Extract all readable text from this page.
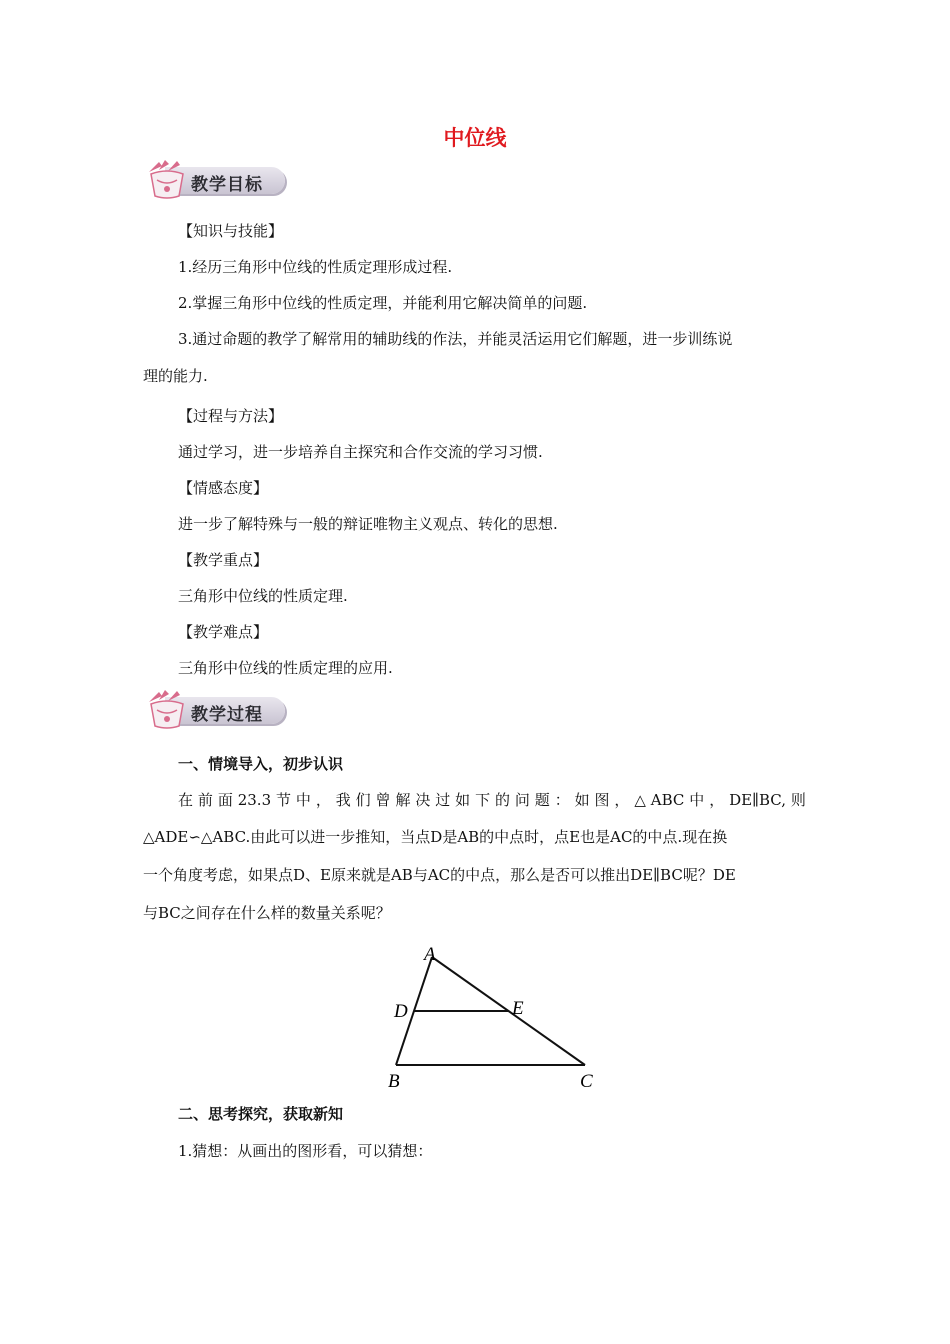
中位线
教学目标
【知识与技能】
1.经历三角形中位线的性质定理形成过程.
2.掌握三角形中位线的性质定理，并能利用它解决简单的问题.
3.通过命题的教学了解常用的辅助线的作法，并能灵活运用它们解题，进一步训练说
理的能力.
【过程与方法】
通过学习，进一步培养自主探究和合作交流的学习习惯.
【情感态度】
进一步了解特殊与一般的辩证唯物主义观点、转化的思想.
【教学重点】
三角形中位线的性质定理.
【教学难点】
三角形中位线的性质定理的应用.
教学过程
一、情境导入，初步认识
在 前 面 23.3 节 中 ， 我 们 曾 解 决 过 如 下 的 问 题 ： 如 图 ， △ ABC 中 ， DE∥BC, 则
△ADE∽△ABC.由此可以进一步推知，当点D是AB的中点时，点E也是AC的中点.现在换
一个角度考虑，如果点D、E原来就是AB与AC的中点，那么是否可以推出DE∥BC呢？DE
与BC之间存在什么样的数量关系呢？
A
D	E
B	C
二、思考探究，获取新知
1.猜想：从画出的图形看，可以猜想：
